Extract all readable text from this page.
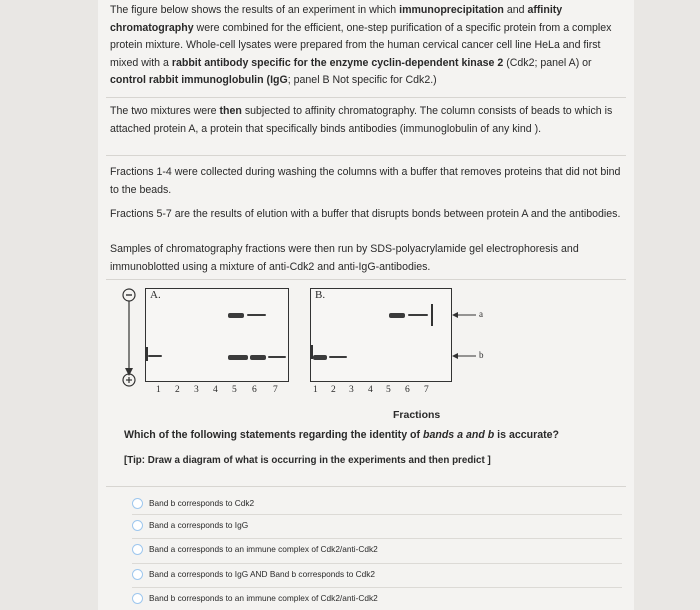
The figure below shows the results of an experiment in which immunoprecipitation and affinity chromatography were combined for the efficient, one-step purification of a specific protein from a complex protein mixture. Whole-cell lysates were prepared from the human cervical cancer cell line HeLa and first mixed with a rabbit antibody specific for the enzyme cyclin-dependent kinase 2 (Cdk2; panel A) or control rabbit immunoglobulin (IgG; panel B Not specific for Cdk2.)
The two mixtures were then subjected to affinity chromatography. The column consists of beads to which is attached protein A, a protein that specifically binds antibodies (immunoglobulin of any kind ).
Fractions 1-4 were collected during washing the columns with a buffer that removes proteins that did not bind to the beads.
Fractions 5-7 are the results of elution with a buffer that disrupts bonds between protein A and the antibodies.
Samples of chromatography fractions were then run by SDS-polyacrylamide gel electrophoresis and immunoblotted using a mixture of anti-Cdk2 and anti-IgG-antibodies.
A.	B.
a
b
1 2 3 4 5 6 7	1 2 3 4 5 6 7
Fractions
Which of the following statements regarding the identity of bands a and b is accurate?
[Tip: Draw a diagram of what is occurring in the experiments and then predict ]
Band b corresponds to Cdk2
Band a corresponds to IgG
Band a corresponds to an immune complex of Cdk2/anti-Cdk2
Band a corresponds to IgG AND Band b corresponds to Cdk2
Band b corresponds to an immune complex of Cdk2/anti-Cdk2
